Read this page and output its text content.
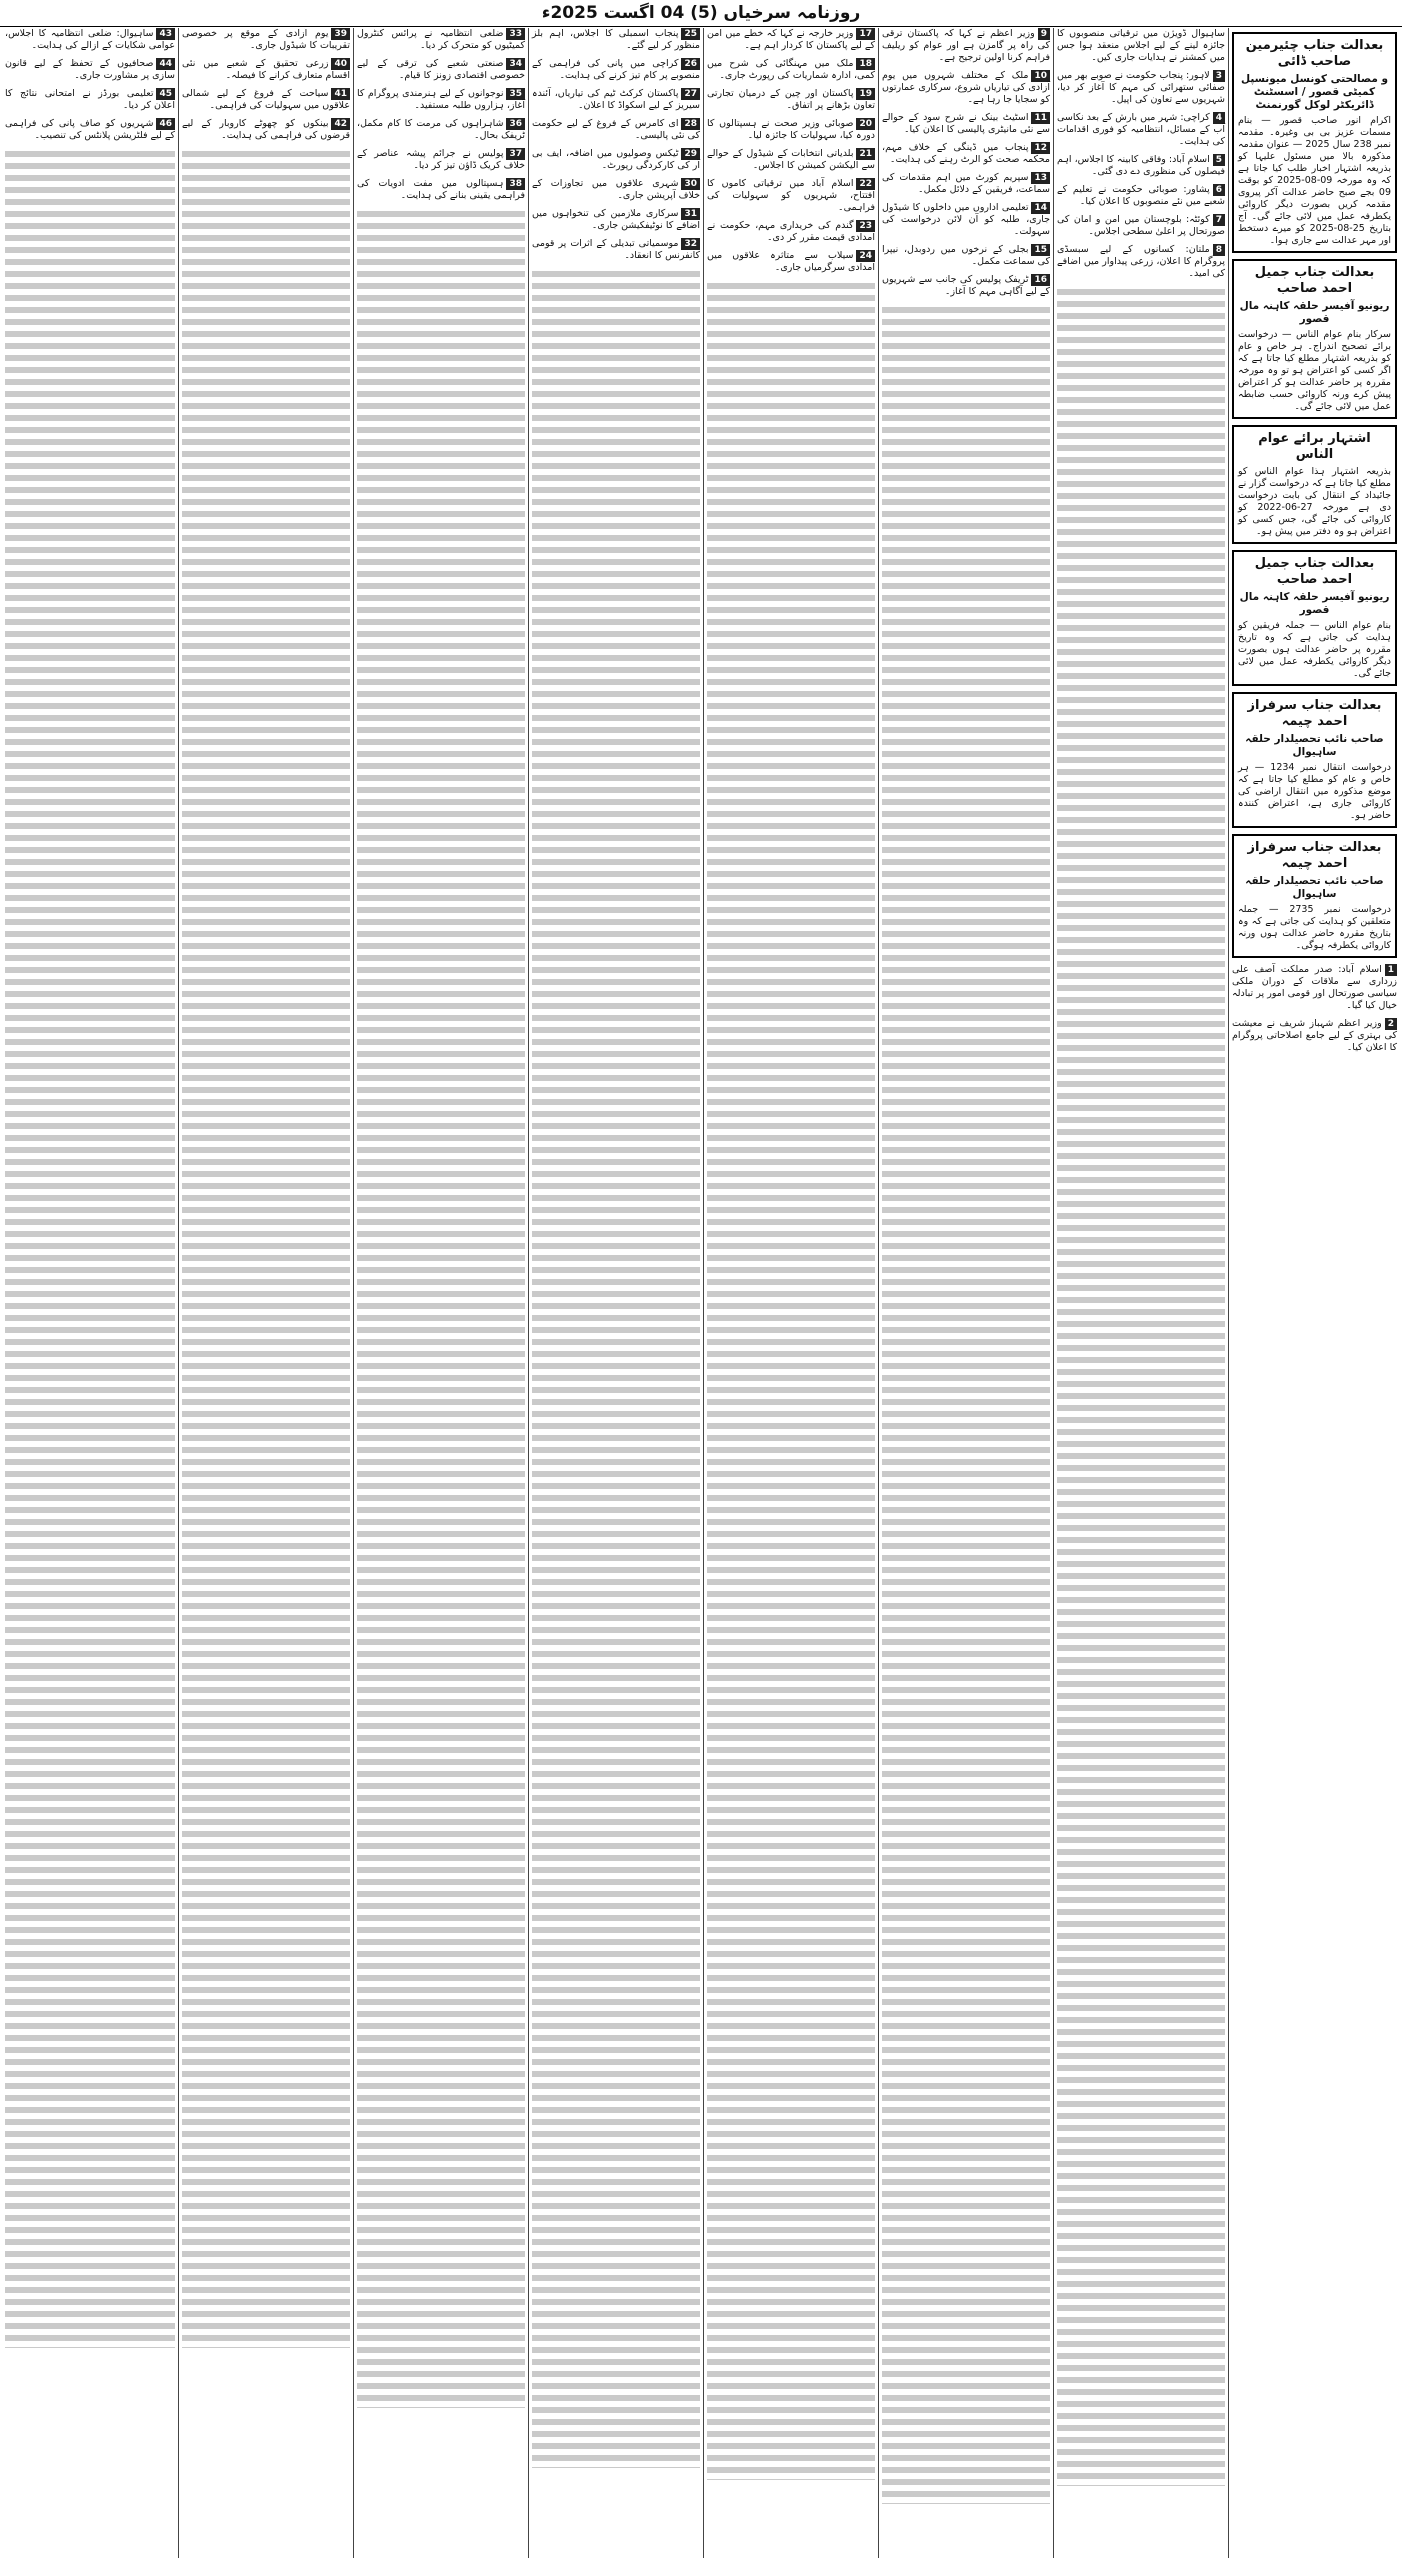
روزنامہ سرخیاں (5) 04 اگست 2025ء
بعدالت جناب چئیرمین صاحب ڈائی
و مصالحتی کونسل میونسپل کمیٹی قصور / اسسٹنٹ ڈائریکٹر لوکل گورنمنٹ

اکرام انور صاحب قصور — بنام مسمات عزیز بی بی وغیرہ۔ مقدمہ نمبر 238 سال 2025 — عنوان مقدمہ مذکورہ بالا میں مسئول علیہا کو بذریعہ اشتہار اخبار طلب کیا جاتا ہے کہ وہ مورخہ 09-08-2025 کو بوقت 09 بجے صبح حاضر عدالت آکر پیروی مقدمہ کریں بصورت دیگر کاروائی یکطرفہ عمل میں لائی جائے گی۔ آج بتاریخ 25-08-2025 کو میرے دستخط اور مہر عدالت سے جاری ہوا۔

بعدالت جناب جمیل احمد صاحب
ریونیو آفیسر حلقہ کاہنہ مال قصور

سرکار بنام عوام الناس — درخواست برائے تصحیح اندراج۔ ہر خاص و عام کو بذریعہ اشتہار مطلع کیا جاتا ہے کہ اگر کسی کو اعتراض ہو تو وہ مورخہ مقررہ پر حاضر عدالت ہو کر اعتراض پیش کرے ورنہ کاروائی حسب ضابطہ عمل میں لائی جائے گی۔

اشتہار برائے عوام الناس

بذریعہ اشتہار ہذا عوام الناس کو مطلع کیا جاتا ہے کہ درخواست گزار نے جائیداد کے انتقال کی بابت درخواست دی ہے مورخہ 27-06-2022 کو کاروائی کی جائے گی، جس کسی کو اعتراض ہو وہ دفتر میں پیش ہو۔

بعدالت جناب جمیل احمد صاحب
ریونیو آفیسر حلقہ کاہنہ مال قصور

بنام عوام الناس — جملہ فریقین کو ہدایت کی جاتی ہے کہ وہ تاریخ مقررہ پر حاضر عدالت ہوں بصورت دیگر کاروائی یکطرفہ عمل میں لائی جائے گی۔

بعدالت جناب سرفراز احمد چیمہ
صاحب نائب تحصیلدار حلقہ ساہیوال

درخواست انتقال نمبر 1234 — ہر خاص و عام کو مطلع کیا جاتا ہے کہ موضع مذکورہ میں انتقال اراضی کی کاروائی جاری ہے، اعتراض کنندہ حاضر ہو۔

بعدالت جناب سرفراز احمد چیمہ
صاحب نائب تحصیلدار حلقہ ساہیوال

درخواست نمبر 2735 — جملہ متعلقین کو ہدایت کی جاتی ہے کہ وہ بتاریخ مقررہ حاضر عدالت ہوں ورنہ کاروائی یکطرفہ ہوگی۔

1اسلام آباد: صدر مملکت آصف علی زرداری سے ملاقات کے دوران ملکی سیاسی صورتحال اور قومی امور پر تبادلہ خیال کیا گیا۔
2وزیر اعظم شہباز شریف نے معیشت کی بہتری کے لیے جامع اصلاحاتی پروگرام کا اعلان کیا۔
ساہیوال ڈویژن میں ترقیاتی منصوبوں کا جائزہ لینے کے لیے اجلاس منعقد ہوا جس میں کمشنر نے ہدایات جاری کیں۔
3لاہور: پنجاب حکومت نے صوبے بھر میں صفائی ستھرائی کی مہم کا آغاز کر دیا، شہریوں سے تعاون کی اپیل۔
4کراچی: شہر میں بارش کے بعد نکاسی آب کے مسائل، انتظامیہ کو فوری اقدامات کی ہدایت۔
5اسلام آباد: وفاقی کابینہ کا اجلاس، اہم فیصلوں کی منظوری دے دی گئی۔
6پشاور: صوبائی حکومت نے تعلیم کے شعبے میں نئے منصوبوں کا اعلان کیا۔
7کوئٹہ: بلوچستان میں امن و امان کی صورتحال پر اعلیٰ سطحی اجلاس۔
8ملتان: کسانوں کے لیے سبسڈی پروگرام کا اعلان، زرعی پیداوار میں اضافے کی امید۔
9وزیر اعظم نے کہا کہ پاکستان ترقی کی راہ پر گامزن ہے اور عوام کو ریلیف فراہم کرنا اولین ترجیح ہے۔
10ملک کے مختلف شہروں میں یوم آزادی کی تیاریاں شروع، سرکاری عمارتوں کو سجایا جا رہا ہے۔
11اسٹیٹ بینک نے شرح سود کے حوالے سے نئی مانیٹری پالیسی کا اعلان کیا۔
12پنجاب میں ڈینگی کے خلاف مہم، محکمہ صحت کو الرٹ رہنے کی ہدایت۔
13سپریم کورٹ میں اہم مقدمات کی سماعت، فریقین کے دلائل مکمل۔
14تعلیمی اداروں میں داخلوں کا شیڈول جاری، طلبہ کو آن لائن درخواست کی سہولت۔
15بجلی کے نرخوں میں ردوبدل، نیپرا کی سماعت مکمل۔
16ٹریفک پولیس کی جانب سے شہریوں کے لیے آگاہی مہم کا آغاز۔
17وزیر خارجہ نے کہا کہ خطے میں امن کے لیے پاکستان کا کردار اہم ہے۔
18ملک میں مہنگائی کی شرح میں کمی، ادارہ شماریات کی رپورٹ جاری۔
19پاکستان اور چین کے درمیان تجارتی تعاون بڑھانے پر اتفاق۔
20صوبائی وزیر صحت نے ہسپتالوں کا دورہ کیا، سہولیات کا جائزہ لیا۔
21بلدیاتی انتخابات کے شیڈول کے حوالے سے الیکشن کمیشن کا اجلاس۔
22اسلام آباد میں ترقیاتی کاموں کا افتتاح، شہریوں کو سہولیات کی فراہمی۔
23گندم کی خریداری مہم، حکومت نے امدادی قیمت مقرر کر دی۔
24سیلاب سے متاثرہ علاقوں میں امدادی سرگرمیاں جاری۔
25پنجاب اسمبلی کا اجلاس، اہم بلز منظور کر لیے گئے۔
26کراچی میں پانی کی فراہمی کے منصوبے پر کام تیز کرنے کی ہدایت۔
27پاکستان کرکٹ ٹیم کی تیاریاں، آئندہ سیریز کے لیے اسکواڈ کا اعلان۔
28ای کامرس کے فروغ کے لیے حکومت کی نئی پالیسی۔
29ٹیکس وصولیوں میں اضافہ، ایف بی آر کی کارکردگی رپورٹ۔
30شہری علاقوں میں تجاوزات کے خلاف آپریشن جاری۔
31سرکاری ملازمین کی تنخواہوں میں اضافے کا نوٹیفکیشن جاری۔
32موسمیاتی تبدیلی کے اثرات پر قومی کانفرنس کا انعقاد۔
33ضلعی انتظامیہ نے پرائس کنٹرول کمیٹیوں کو متحرک کر دیا۔
34صنعتی شعبے کی ترقی کے لیے خصوصی اقتصادی زونز کا قیام۔
35نوجوانوں کے لیے ہنرمندی پروگرام کا آغاز، ہزاروں طلبہ مستفید۔
36شاہراہوں کی مرمت کا کام مکمل، ٹریفک بحال۔
37پولیس نے جرائم پیشہ عناصر کے خلاف کریک ڈاؤن تیز کر دیا۔
38ہسپتالوں میں مفت ادویات کی فراہمی یقینی بنانے کی ہدایت۔
39یوم آزادی کے موقع پر خصوصی تقریبات کا شیڈول جاری۔
40زرعی تحقیق کے شعبے میں نئی اقسام متعارف کرانے کا فیصلہ۔
41سیاحت کے فروغ کے لیے شمالی علاقوں میں سہولیات کی فراہمی۔
42بینکوں کو چھوٹے کاروبار کے لیے قرضوں کی فراہمی کی ہدایت۔
43ساہیوال: ضلعی انتظامیہ کا اجلاس، عوامی شکایات کے ازالے کی ہدایت۔
44صحافیوں کے تحفظ کے لیے قانون سازی پر مشاورت جاری۔
45تعلیمی بورڈز نے امتحانی نتائج کا اعلان کر دیا۔
46شہریوں کو صاف پانی کی فراہمی کے لیے فلٹریشن پلانٹس کی تنصیب۔
